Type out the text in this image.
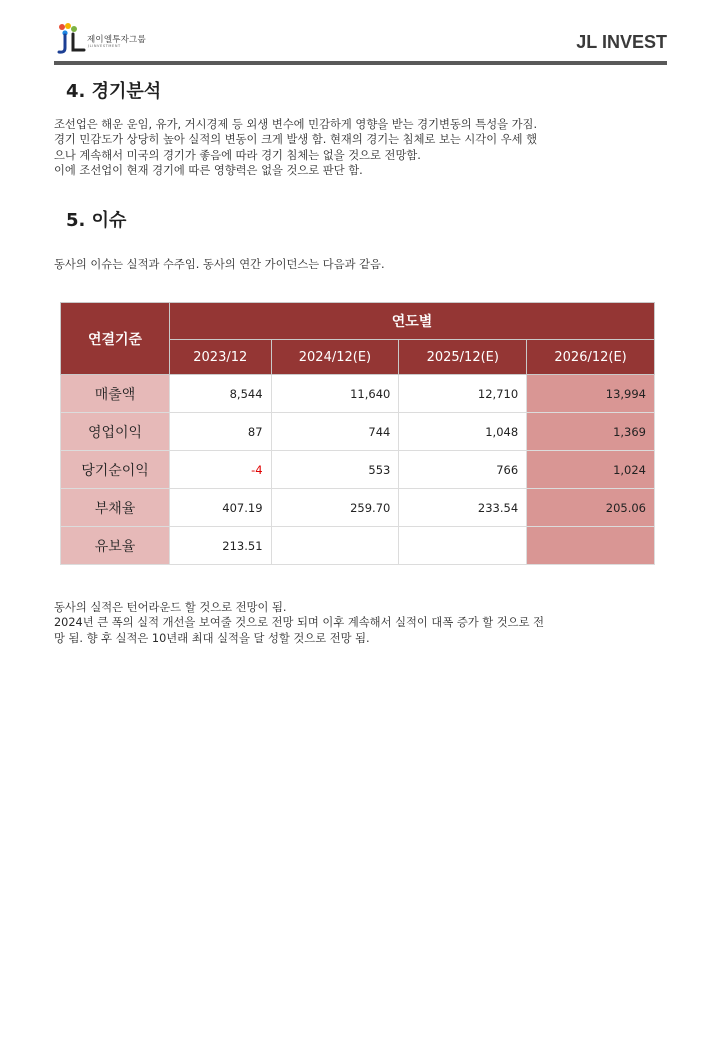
제이엘투자그룹
JLINVESTMENT	JL INVEST
4. 경기분석
조선업은 해운 운임, 유가, 거시경제 등 외생 변수에 민감하게 영향을 받는 경기변동의 특성을 가짐.
경기 민감도가 상당히 높아 실적의 변동이 크게 발생 함. 현재의 경기는 침체로 보는 시각이 우세 했
으나 계속해서 미국의 경기가 좋음에 따라 경기 침체는 없을 것으로 전망함.
이에 조선업이 현재 경기에 따른 영향력은 없을 것으로 판단 함.
5. 이슈
동사의 이슈는 실적과 수주임. 동사의 연간 가이던스는 다음과 같음.
연결기준	연도별			
	2023/12	2024/12(E)	2025/12(E)	2026/12(E)
매출액	8,544	11,640	12,710	13,994
영업이익	87	744	1,048	1,369
당기순이익	-4	553	766	1,024
부채율	407.19	259.70	233.54	205.06
유보율	213.51			
동사의 실적은 턴어라운드 할 것으로 전망이 됨.
2024년 큰 폭의 실적 개선을 보여줄 것으로 전망 되며 이후 계속해서 실적이 대폭 증가 할 것으로 전
망 됨. 향 후 실적은 10년래 최대 실적을 달 성할 것으로 전망 됨.
